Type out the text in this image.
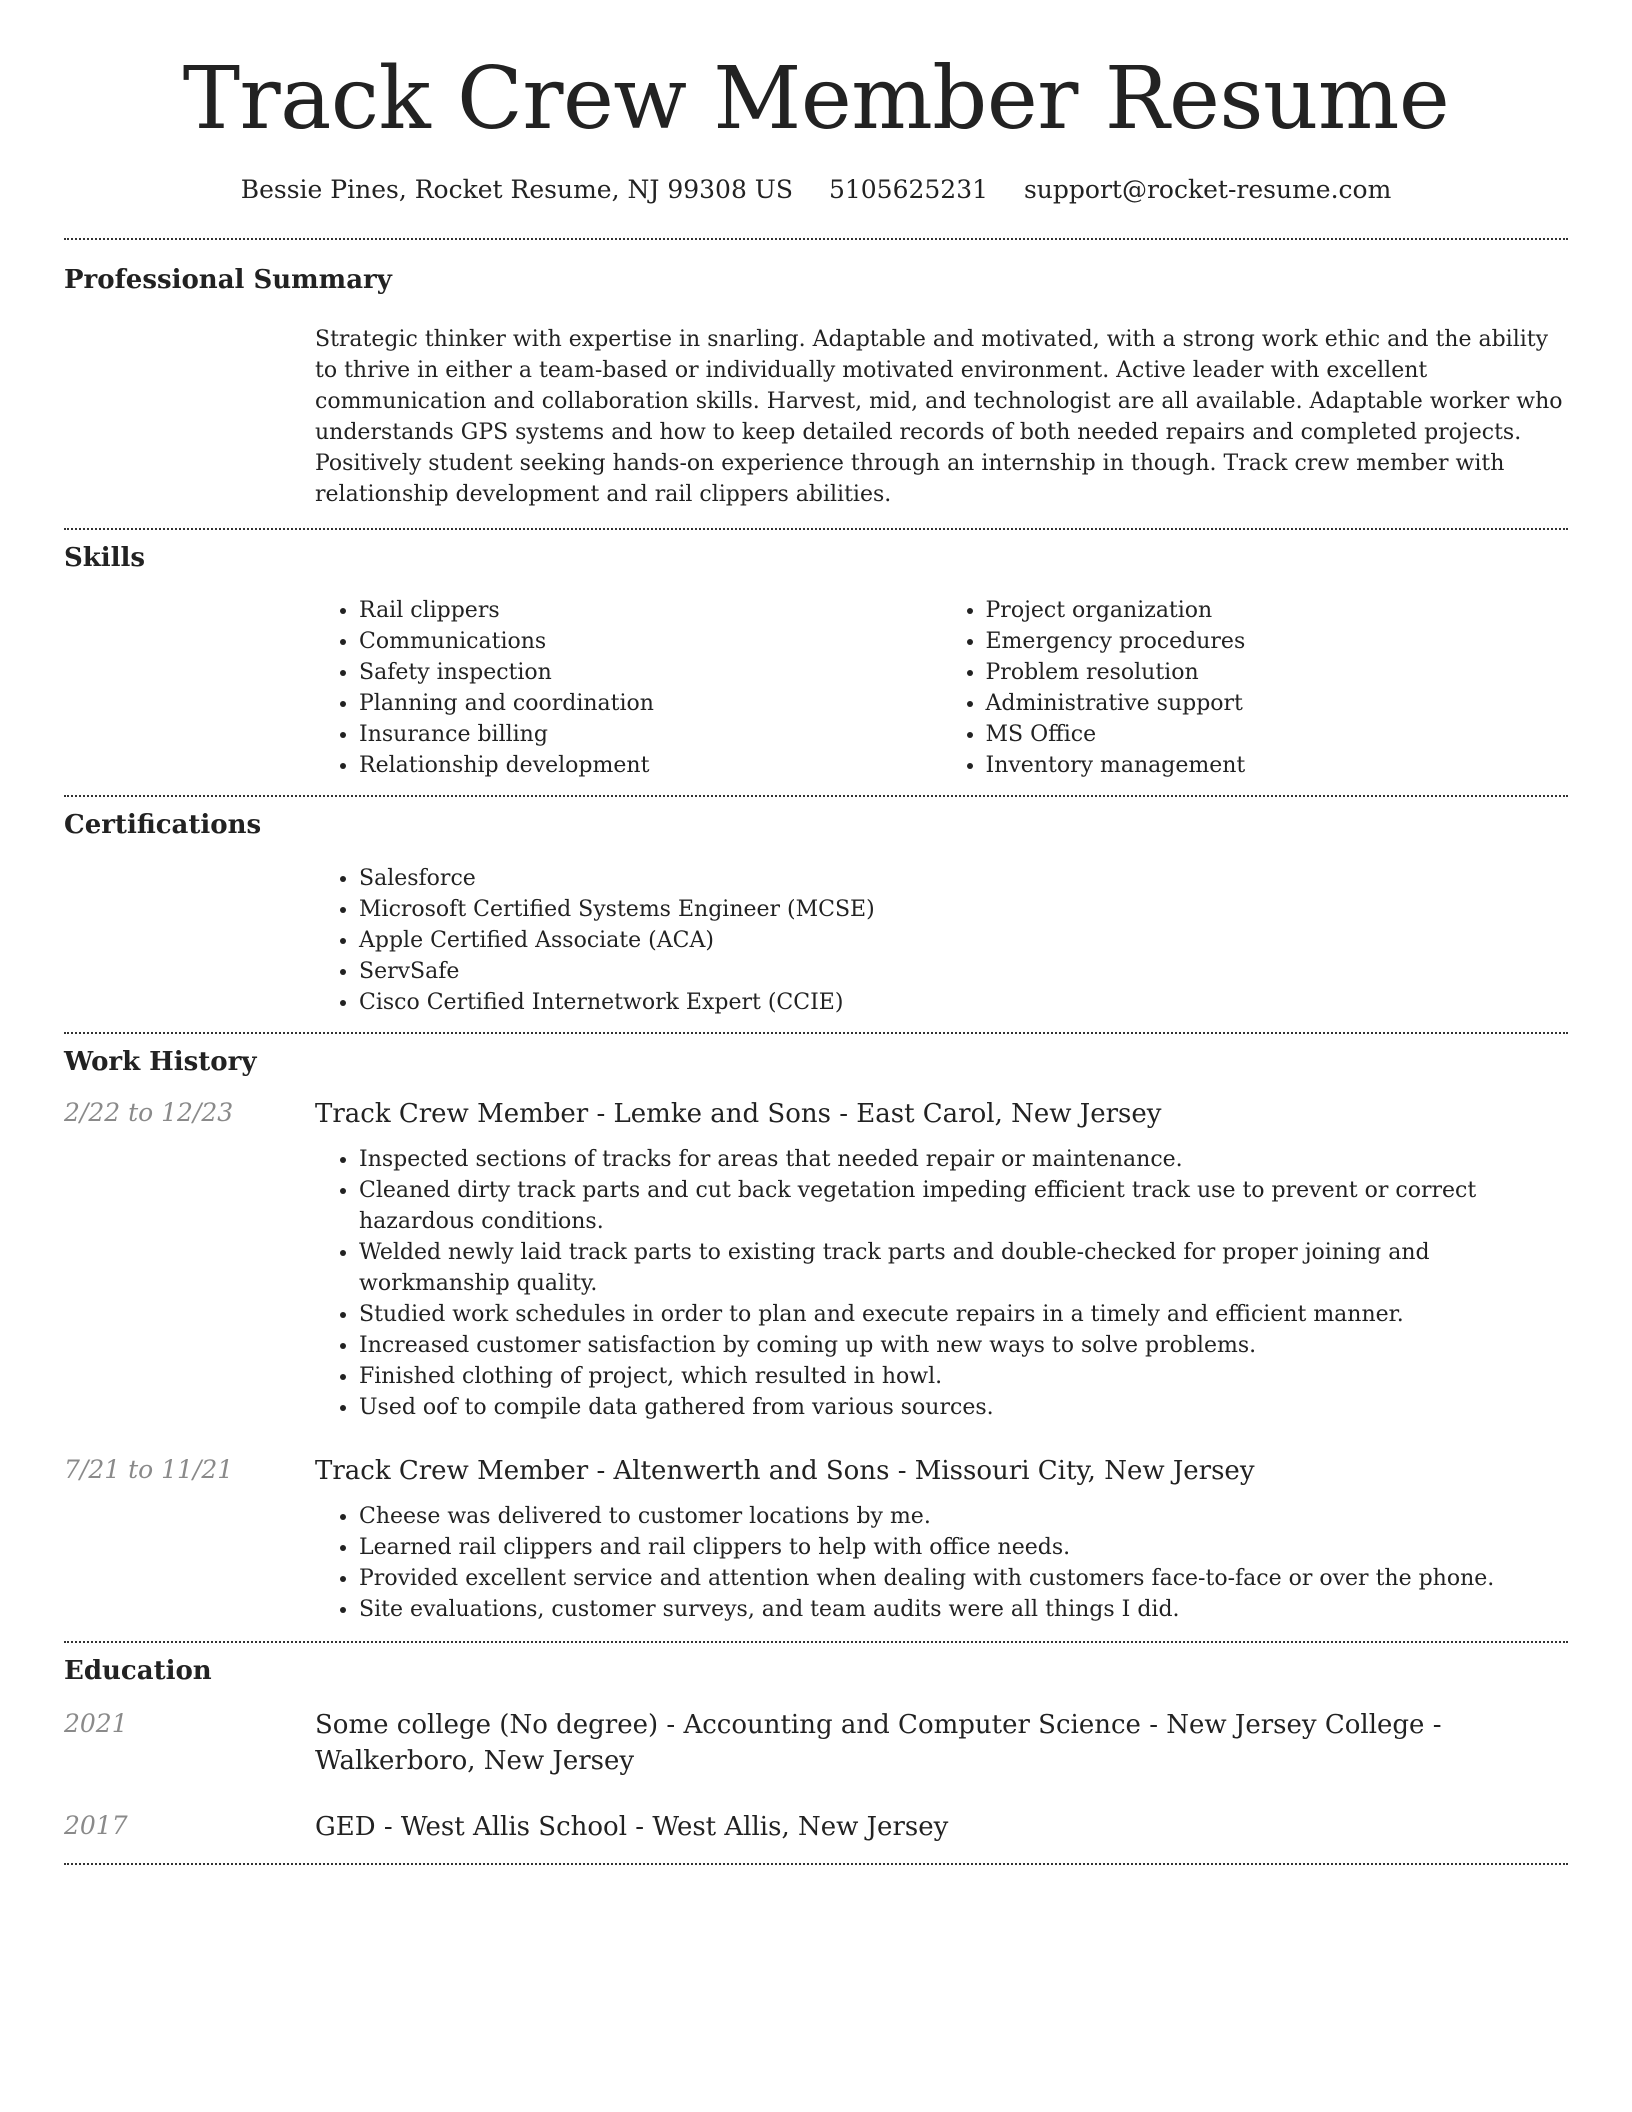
Track Crew Member Resume
Bessie Pines, Rocket Resume, NJ 99308 US 5105625231 support@rocket-resume.com
Professional Summary

Strategic thinker with expertise in snarling. Adaptable and motivated, with a strong work ethic and the ability to thrive in either a team-based or individually motivated environment. Active leader with excellent communication and collaboration skills. Harvest, mid, and technologist are all available. Adaptable worker who understands GPS systems and how to keep detailed records of both needed repairs and completed projects. Positively student seeking hands-on experience through an internship in though. Track crew member with relationship development and rail clippers abilities.

Skills
• Rail clippers
• Communications
• Safety inspection
• Planning and coordination
• Insurance billing
• Relationship development
• Project organization
• Emergency procedures
• Problem resolution
• Administrative support
• MS Office
• Inventory management
Certifications
• Salesforce
• Microsoft Certified Systems Engineer (MCSE)
• Apple Certified Associate (ACA)
• ServSafe
• Cisco Certified Internetwork Expert (CCIE)
Work History
2/22 to 12/23	Track Crew Member - Lemke and Sons - East Carol, New Jersey
• Inspected sections of tracks for areas that needed repair or maintenance.
• Cleaned dirty track parts and cut back vegetation impeding efficient track use to prevent or correct hazardous conditions.
• Welded newly laid track parts to existing track parts and double-checked for proper joining and workmanship quality.
• Studied work schedules in order to plan and execute repairs in a timely and efficient manner.
• Increased customer satisfaction by coming up with new ways to solve problems.
• Finished clothing of project, which resulted in howl.
• Used oof to compile data gathered from various sources.
7/21 to 11/21	Track Crew Member - Altenwerth and Sons - Missouri City, New Jersey
• Cheese was delivered to customer locations by me.
• Learned rail clippers and rail clippers to help with office needs.
• Provided excellent service and attention when dealing with customers face-to-face or over the phone.
• Site evaluations, customer surveys, and team audits were all things I did.
Education
2021	Some college (No degree) - Accounting and Computer Science - New Jersey College - Walkerboro, New Jersey
2017	GED - West Allis School - West Allis, New Jersey
